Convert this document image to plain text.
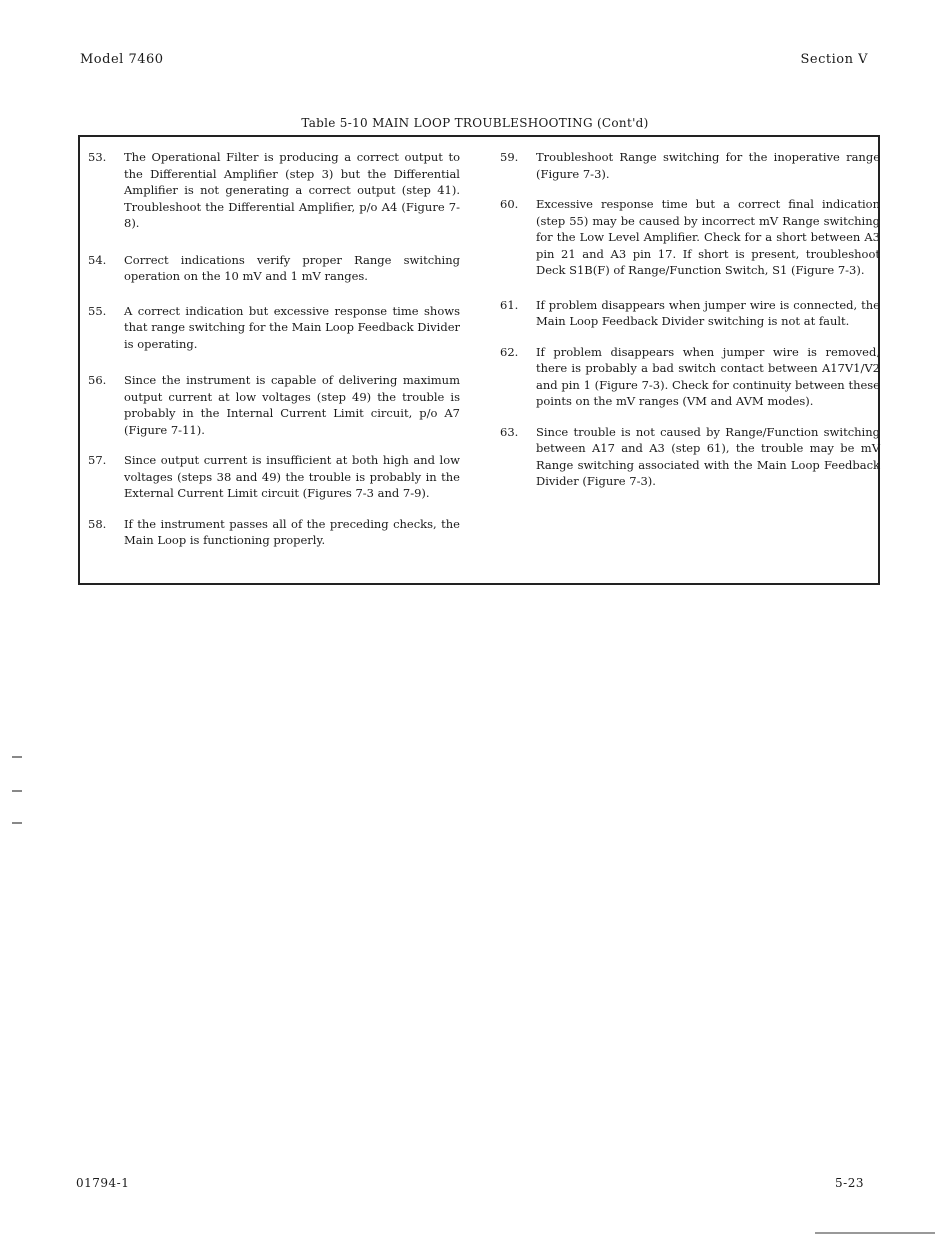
Model 7460	Section V
Table 5-10 MAIN LOOP TROUBLESHOOTING (Cont'd)
53.	The Operational Filter is producing a correct output to the Differential Amplifier (step 3) but the Differential Amplifier is not generating a correct output (step 41). Troubleshoot the Differential Amplifier, p/o A4 (Figure 7-8).
54.	Correct indications verify proper Range switching operation on the 10 mV and 1 mV ranges.
55.	A correct indication but excessive response time shows that range switching for the Main Loop Feedback Divider is operating.
56.	Since the instrument is capable of delivering maximum output current at low voltages (step 49) the trouble is probably in the Internal Current Limit circuit, p/o A7 (Figure 7-11).
57.	Since output current is insufficient at both high and low voltages (steps 38 and 49) the trouble is probably in the External Current Limit circuit (Figures 7-3 and 7-9).
58.	If the instrument passes all of the preceding checks, the Main Loop is functioning properly.
59.	Troubleshoot Range switching for the inoperative range (Figure 7-3).
60.	Excessive response time but a correct final indication (step 55) may be caused by incorrect mV Range switching for the Low Level Amplifier. Check for a short between A3 pin 21 and A3 pin 17. If short is present, troubleshoot Deck S1B(F) of Range/Function Switch, S1 (Figure 7-3).
61.	If problem disappears when jumper wire is connected, the Main Loop Feedback Divider switching is not at fault.
62.	If problem disappears when jumper wire is removed, there is probably a bad switch contact between A17V1/V2 and pin 1 (Figure 7-3). Check for continuity between these points on the mV ranges (VM and AVM modes).
63.	Since trouble is not caused by Range/Function switching between A17 and A3 (step 61), the trouble may be mV Range switching associated with the Main Loop Feedback Divider (Figure 7-3).
01794-1	5-23
